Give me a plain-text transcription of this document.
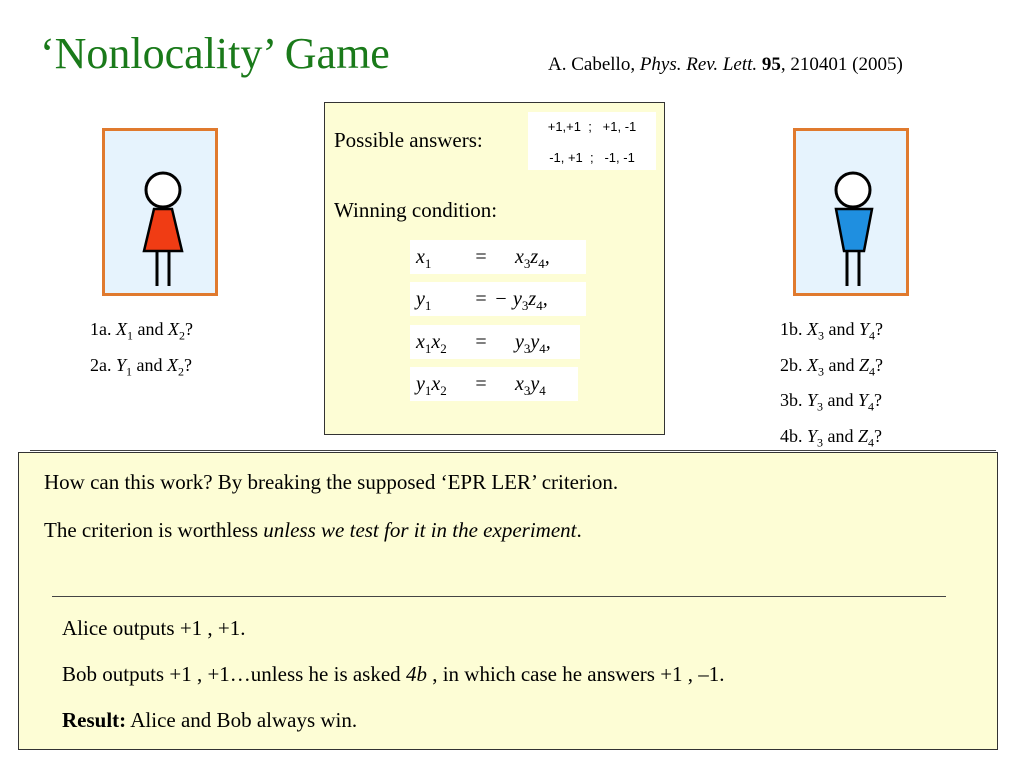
‘Nonlocality’ Game	A. Cabello, Phys. Rev. Lett. 95, 210401 (2005)
1a. $X_1$ and $X_2$?
2a. $Y_1$ and $X_2$?
1b. $X_3$ and $Y_4$?
2b. $X_3$ and $Z_4$?
3b. $Y_3$ and $Y_4$?
4b. $Y_3$ and $Z_4$?
Possible answers:
+1,+1  ;   +1, -1
-1, +1  ;   -1, -1
Winning condition:
$x_1 = x_3z_4$,
$y_1$ = − $y_3z_4$,
$x_1x_2 = y_3y_4$,
$y_1x_2 = x_3y_4$
How can this work? By breaking the supposed ‘EPR LER’ criterion.
The criterion is worthless unless we test for it in the experiment.
Alice outputs +1 , +1.
Bob outputs +1 , +1…unless he is asked 4b , in which case he answers +1 , –1.
Result: Alice and Bob always win.
